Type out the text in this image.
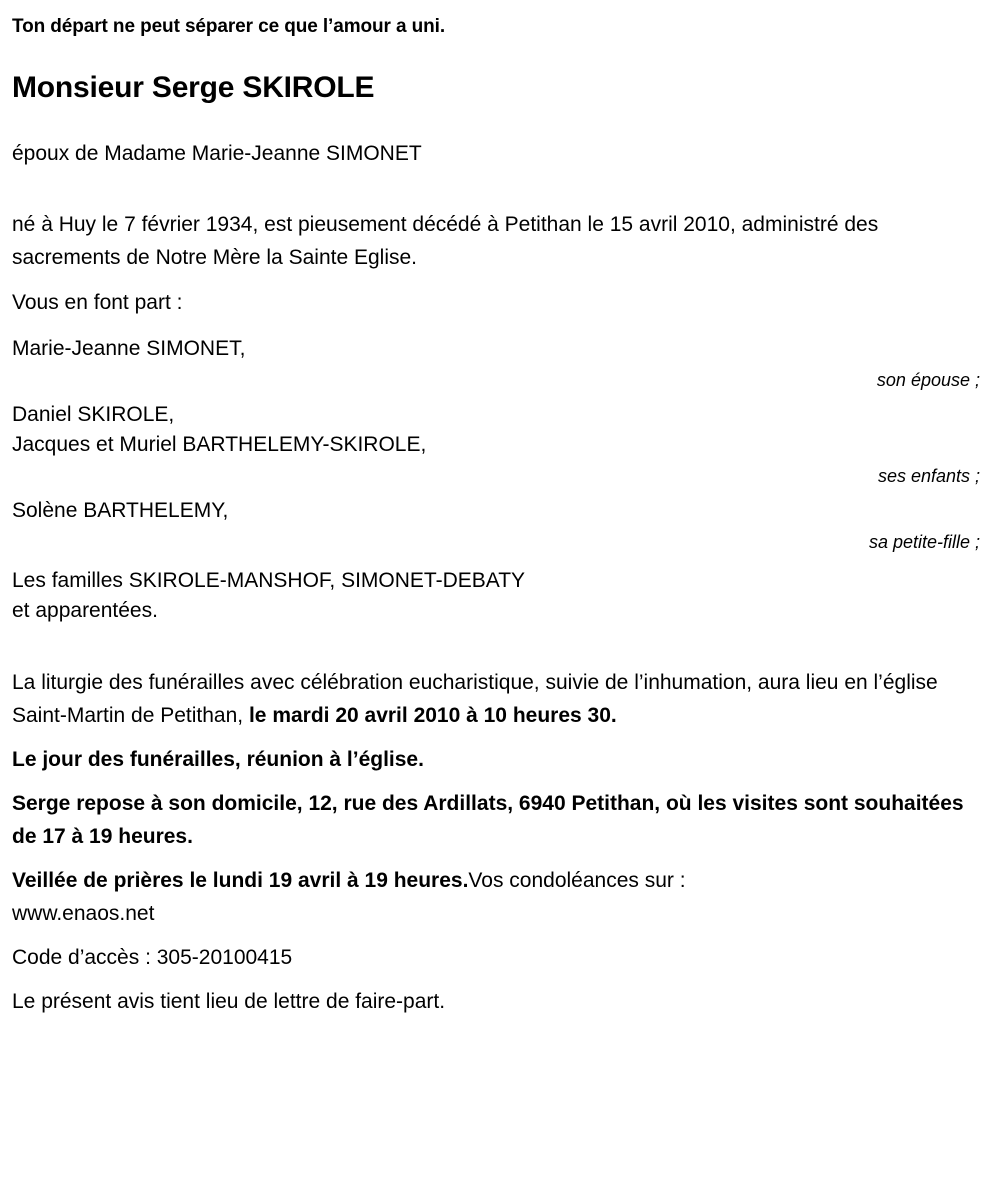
Ton départ ne peut séparer ce que l’amour a uni.

Monsieur Serge SKIROLE

époux de Madame Marie-Jeanne SIMONET

né à Huy le 7 février 1934, est pieusement décédé à Petithan le 15 avril 2010, administré des sacrements de Notre Mère la Sainte Eglise.

Vous en font part :

Marie-Jeanne SIMONET,
son épouse ;
Daniel SKIROLE,
Jacques et Muriel BARTHELEMY-SKIROLE,
ses enfants ;
Solène BARTHELEMY,
sa petite-fille ;
Les familles SKIROLE-MANSHOF, SIMONET-DEBATY
et apparentées.

La liturgie des funérailles avec célébration eucharistique, suivie de l’inhumation, aura lieu en l’église Saint-Martin de Petithan, le mardi 20 avril 2010 à 10 heures 30.

Le jour des funérailles, réunion à l’église.

Serge repose à son domicile, 12, rue des Ardillats, 6940 Petithan, où les visites sont souhaitées de 17 à 19 heures.

Veillée de prières le lundi 19 avril à 19 heures.Vos condoléances sur :
www.enaos.net

Code d’accès : 305-20100415

Le présent avis tient lieu de lettre de faire-part.
